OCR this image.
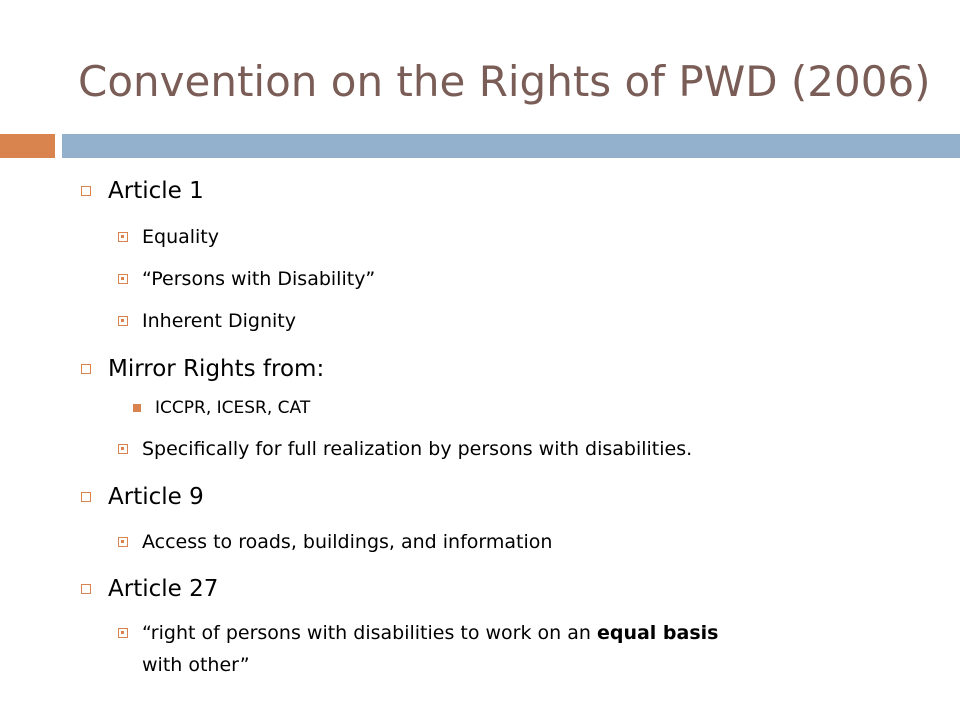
Convention on the Rights of PWD (2006)
Article 1
Equality
“Persons with Disability”
Inherent Dignity
Mirror Rights from:
ICCPR, ICESR, CAT
Specifically for full realization by persons with disabilities.
Article 9
Access to roads, buildings, and information
Article 27
“right of persons with disabilities to work on an equal basis
with other”
